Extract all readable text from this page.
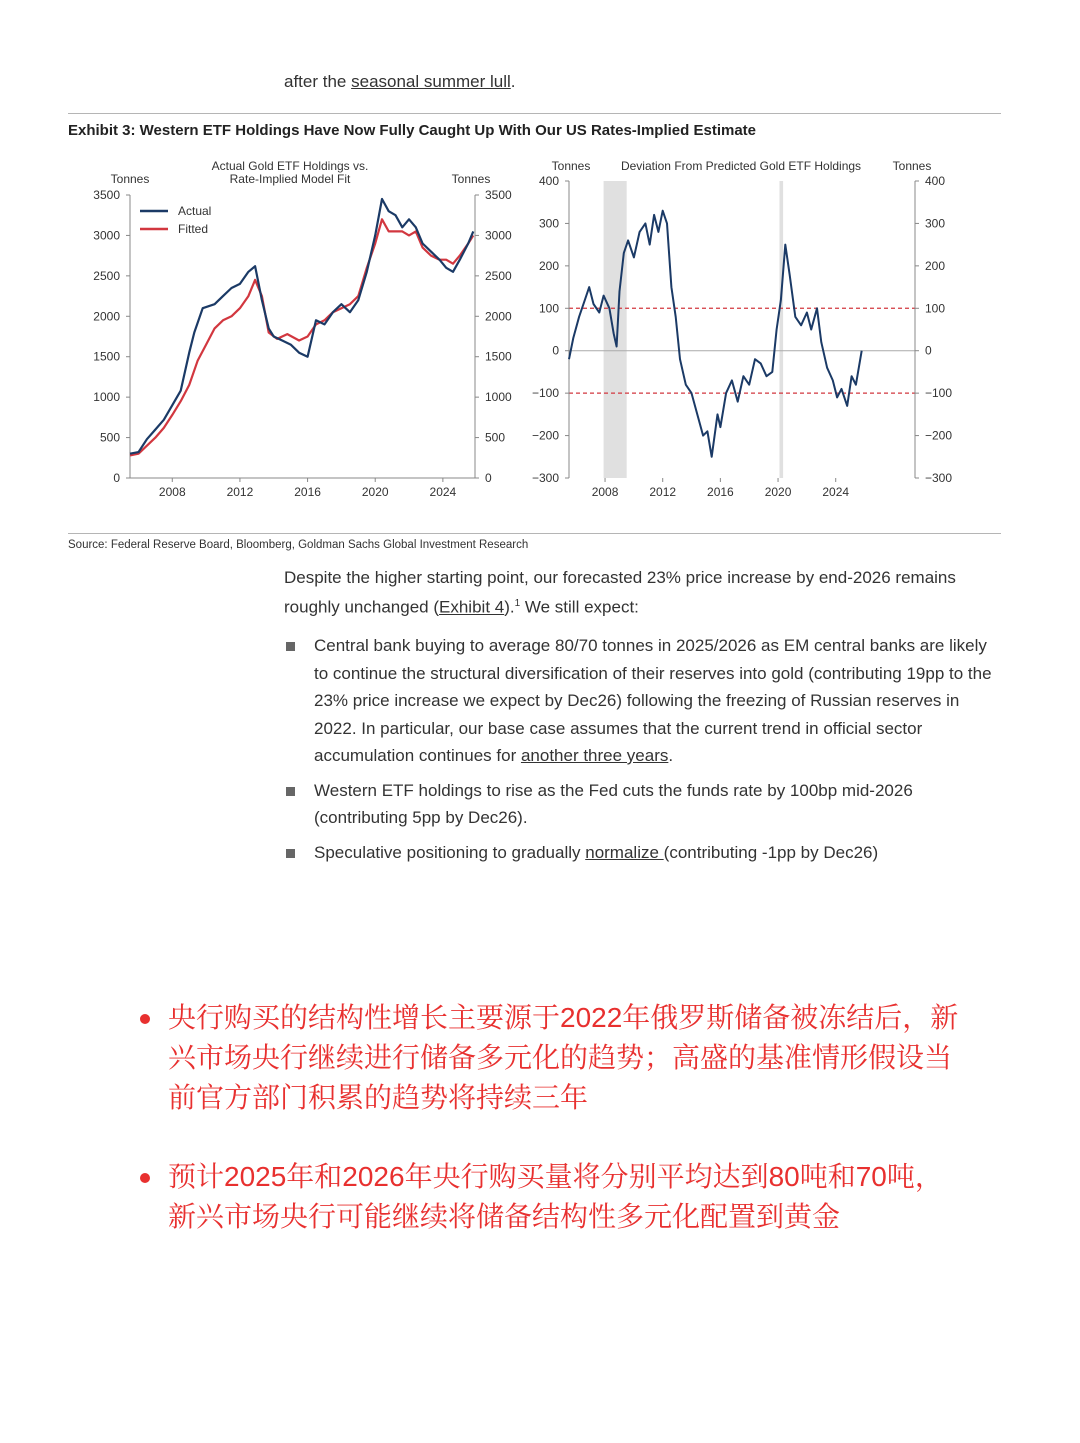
after the seasonal summer lull.
Exhibit 3: Western ETF Holdings Have Now Fully Caught Up With Our US Rates-Implied Estimate
Actual Gold ETF Holdings vs.
Rate-Implied Model Fit
Tonnes	Tonnes
0	0
500	500
1000	1000
1500	1500
2000	2000
2500	2500
3000	3000
3500	3500
2008	2012	2016	2020	2024
Actual
Fitted
Tonnes	Deviation From Predicted Gold ETF Holdings	Tonnes
−300	−300
−200	−200
−100	−100
0	0
100	100
200	200
300	300
400	400
2008	2012	2016	2020	2024
Source: Federal Reserve Board, Bloomberg, Goldman Sachs Global Investment Research
Despite the higher starting point, our forecasted 23% price increase by end-2026 remains roughly unchanged (Exhibit 4).$^1$ We still expect:
Central bank buying to average 80/70 tonnes in 2025/2026 as EM central banks are likely to continue the structural diversification of their reserves into gold (contributing 19pp to the 23% price increase we expect by Dec26) following the freezing of Russian reserves in 2022. In particular, our base case assumes that the current trend in official sector accumulation continues for another three years.
Western ETF holdings to rise as the Fed cuts the funds rate by 100bp mid-2026 (contributing 5pp by Dec26).
Speculative positioning to gradually normalize (contributing -1pp by Dec26)
央行购买的结构性增长主要源于2022年俄罗斯储备被冻结后，新兴市场央行继续进行储备多元化的趋势；高盛的基准情形假设当前官方部门积累的趋势将持续三年
预计2025年和2026年央行购买量将分别平均达到80吨和70吨，新兴市场央行可能继续将储备结构性多元化配置到黄金
